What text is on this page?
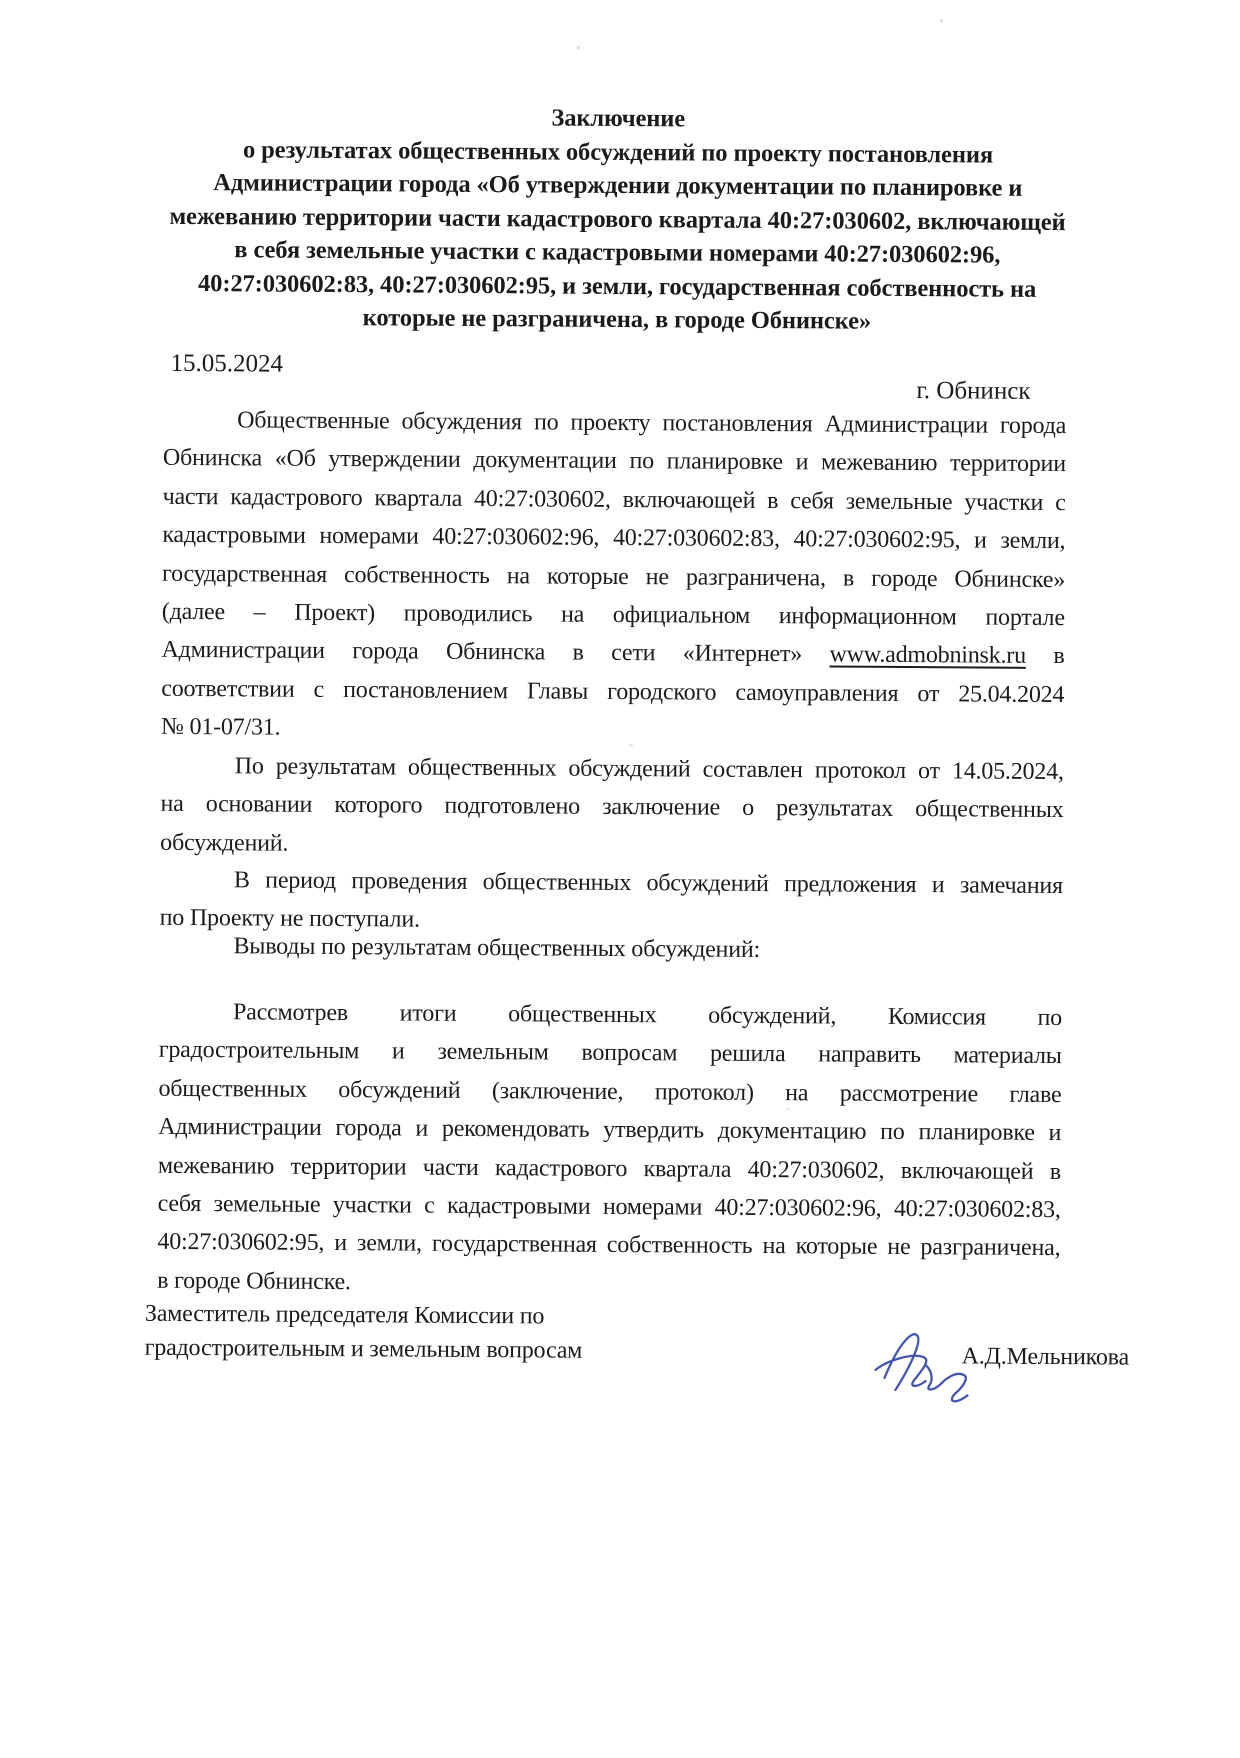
Заключение
о результатах общественных обсуждений по проекту постановления
Администрации города «Об утверждении документации по планировке и
межеванию территории части кадастрового квартала 40:27:030602, включающей
в себя земельные участки с кадастровыми номерами 40:27:030602:96,
40:27:030602:83, 40:27:030602:95, и земли, государственная собственность на
которые не разграничена, в городе Обнинске»
15.05.2024
г. Обнинск
Общественные обсуждения по проекту постановления Администрации города
Обнинска «Об утверждении документации по планировке и межеванию территории
части кадастрового квартала 40:27:030602, включающей в себя земельные участки с
кадастровыми номерами 40:27:030602:96, 40:27:030602:83, 40:27:030602:95, и земли,
государственная собственность на которые не разграничена, в городе Обнинске»
(далее – Проект) проводились на официальном информационном портале
Администрации города Обнинска в сети «Интернет» www.admobninsk.ru в
соответствии с постановлением Главы городского самоуправления от 25.04.2024
№ 01-07/31.
По результатам общественных обсуждений составлен протокол от 14.05.2024,
на основании которого подготовлено заключение о результатах общественных
обсуждений.
В период проведения общественных обсуждений предложения и замечания
по Проекту не поступали.
Выводы по результатам общественных обсуждений:
Рассмотрев итоги общественных обсуждений, Комиссия по
градостроительным и земельным вопросам решила направить материалы
общественных обсуждений (заключение, протокол) на рассмотрение главе
Администрации города и рекомендовать утвердить документацию по планировке и
межеванию территории части кадастрового квартала 40:27:030602, включающей в
себя земельные участки с кадастровыми номерами 40:27:030602:96, 40:27:030602:83,
40:27:030602:95, и земли, государственная собственность на которые не разграничена,
в городе Обнинске.
Заместитель председателя Комиссии по
градостроительным и земельным вопросам	А.Д.Мельникова
